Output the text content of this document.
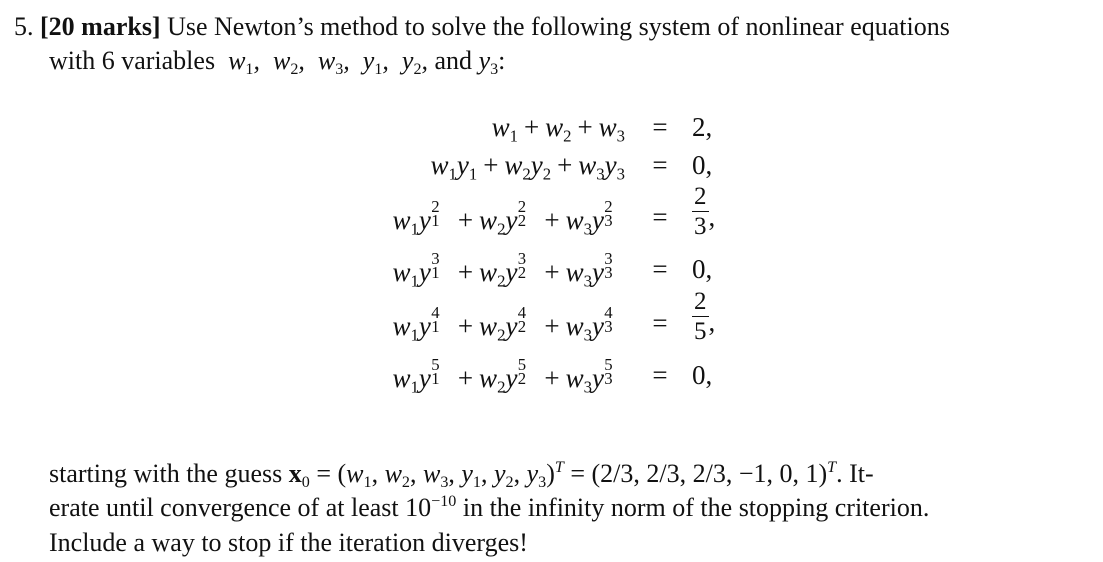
5. [20 marks] Use Newton’s method to solve the following system of nonlinear equations
with 6 variables  $w_1$,  $w_2$,  $w_3$,  $y_1$,  $y_2$, and $y_3$:
$w_1 + w_2 + w_3 = 2$,
$w_1y_1 + w_2y_2 + w_3y_3 = 0$,
$w_1y$ 2
$1 + w_2y$ 2
$2 + w_3y$ 2
$3 = \frac{2}{3}$ ,
$w_1y$ 3
$1 + w_2y$ 3
$2 + w_3y$ 3
3 = 0,
$w_1y$ 4
$1 + w_2y$ 4
$2 + w_3y$ 4
$3 = \frac{2}{5}$ ,
$w_1y$ 5
$1 + w_2y$ 5
$2 + w_3y$ 5
3 = 0,
starting with the guess $x_0 = (w_1$, $w_2$, $w_3$, $y_1$, $y_2$, $y_3)^T = (2/3$, 2/3, 2/3, −1, 0, 1)$^T$. It-
erate until convergence of at least $10^{-10}$ in the infinity norm of the stopping criterion.
Include a way to stop if the iteration diverges!
